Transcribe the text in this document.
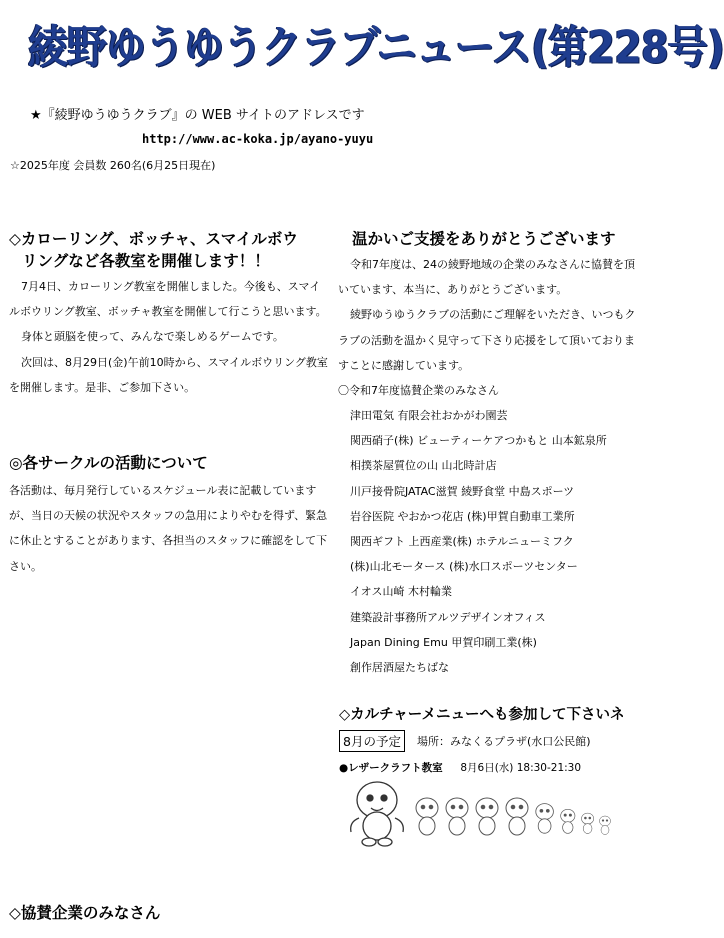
綾野ゆうゆうクラブニュース(第228号)
★『綾野ゆうゆうクラブ』の WEB サイトのアドレスです
http://www.ac-koka.jp/ayano-yuyu
☆2025年度 会員数 260名(6月25日現在)
◇カローリング、ボッチャ、スマイルボウ
リングなど各教室を開催します！！

7月4日、カローリング教室を開催しました。今後も、スマイルボウリング教室、ボッチャ教室を開催して行こうと思います。

身体と頭脳を使って、みんなで楽しめるゲームです。

次回は、8月29日(金)午前10時から、スマイルボウリング教室を開催します。是非、ご参加下さい。

◎各サークルの活動について
各活動は、毎月発行しているスケジュール表に記載していますが、当日の天候の状況やスタッフの急用によりやむを得ず、緊急に休止とすることがあります、各担当のスタッフに確認をして下さい。
温かいご支援をありがとうございます

令和7年度は、24の綾野地域の企業のみなさんに協賛を頂いています、本当に、ありがとうございます。

綾野ゆうゆうクラブの活動にご理解をいただき、いつもクラブの活動を温かく見守って下さり応援をして頂いておりますことに感謝しています。

〇令和7年度協賛企業のみなさん
津田電気 有限会社おかがわ園芸
関西硝子(株) ビューティーケアつかもと 山本鉱泉所
相撲茶屋質位の山 山北時計店
川戸接骨院JATAC滋賀 綾野食堂 中島スポーツ
岩谷医院 やおかつ花店 (株)甲賀自動車工業所
関西ギフト 上西産業(株) ホテルニューミフク
(株)山北モータース (株)水口スポーツセンター
イオス山崎 木村輪業
建築設計事務所アルツデザインオフィス
Japan Dining Emu 甲賀印刷工業(株)
創作居酒屋たちばな
◇カルチャーメニューへも参加して下さいネ
8月の予定	場所：みなくるプラザ(水口公民館)
●レザークラフト教室 8月6日(水) 18:30-21:30
◇協賛企業のみなさん
